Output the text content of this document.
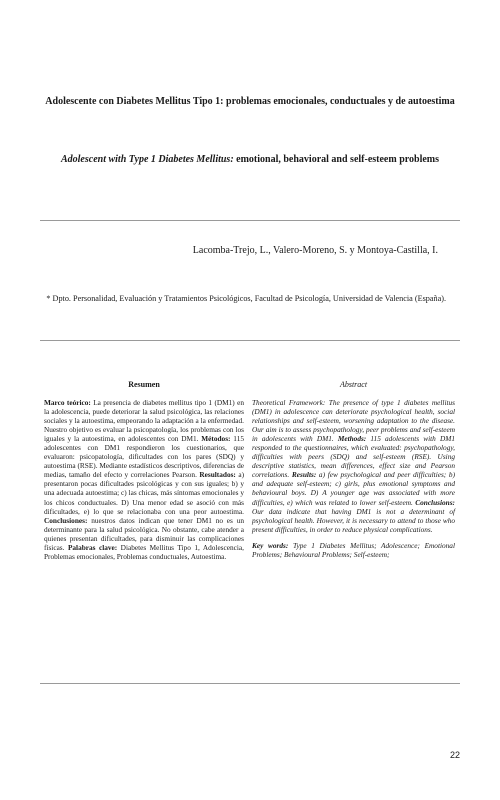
Adolescente con Diabetes Mellitus Tipo 1: problemas emocionales, conductuales y de autoestima
Adolescent with Type 1 Diabetes Mellitus: emotional, behavioral and self-esteem problems
Lacomba-Trejo, L., Valero-Moreno, S. y Montoya-Castilla, I.
* Dpto. Personalidad, Evaluación y Tratamientos Psicológicos, Facultad de Psicología, Universidad de Valencia (España).
Resumen	Abstract

Marco teórico: La presencia de diabetes mellitus tipo 1 (DM1) en la adolescencia, puede deteriorar la salud psicológica, las relaciones sociales y la autoestima, empeorando la adaptación a la enfermedad. Nuestro objetivo es evaluar la psicopatología, los problemas con los iguales y la autoestima, en adolescentes con DM1. Métodos: 115 adolescentes con DM1 respondieron los cuestionarios, que evaluaron: psicopatología, dificultades con los pares (SDQ) y autoestima (RSE). Mediante estadísticos descriptivos, diferencias de medias, tamaño del efecto y correlaciones Pearson. Resultados: a) presentaron pocas dificultades psicológicas y con sus iguales; b) y una adecuada autoestima; c) las chicas, más síntomas emocionales y los chicos conductuales. D) Una menor edad se asoció con más dificultades, e) lo que se relacionaba con una peor autoestima. Conclusiones: nuestros datos indican que tener DM1 no es un determinante para la salud psicológica. No obstante, cabe atender a quienes presentan dificultades, para disminuir las complicaciones físicas. Palabras clave: Diabetes Mellitus Tipo 1, Adolescencia, Problemas emocionales, Problemas conductuales, Autoestima.

Theoretical Framework: The presence of type 1 diabetes mellitus (DM1) in adolescence can deteriorate psychological health, social relationships and self-esteem, worsening adaptation to the disease. Our aim is to assess psychopathology, peer problems and self-esteem in adolescents with DM1. Methods: 115 adolescents with DM1 responded to the questionnaires, which evaluated: psychopathology, difficulties with peers (SDQ) and self-esteem (RSE). Using descriptive statistics, mean differences, effect size and Pearson correlations. Results: a) few psychological and peer difficulties; b) and adequate self-esteem; c) girls, plus emotional symptoms and behavioural boys. D) A younger age was associated with more difficulties, e) which was related to lower self-esteem. Conclusions: Our data indicate that having DM1 is not a determinant of psychological health. However, it is necessary to attend to those who present difficulties, in order to reduce physical complications.

Key words: Type 1 Diabetes Mellitus; Adolescence; Emotional Problems; Behavioural Problems; Self-esteem;

22
